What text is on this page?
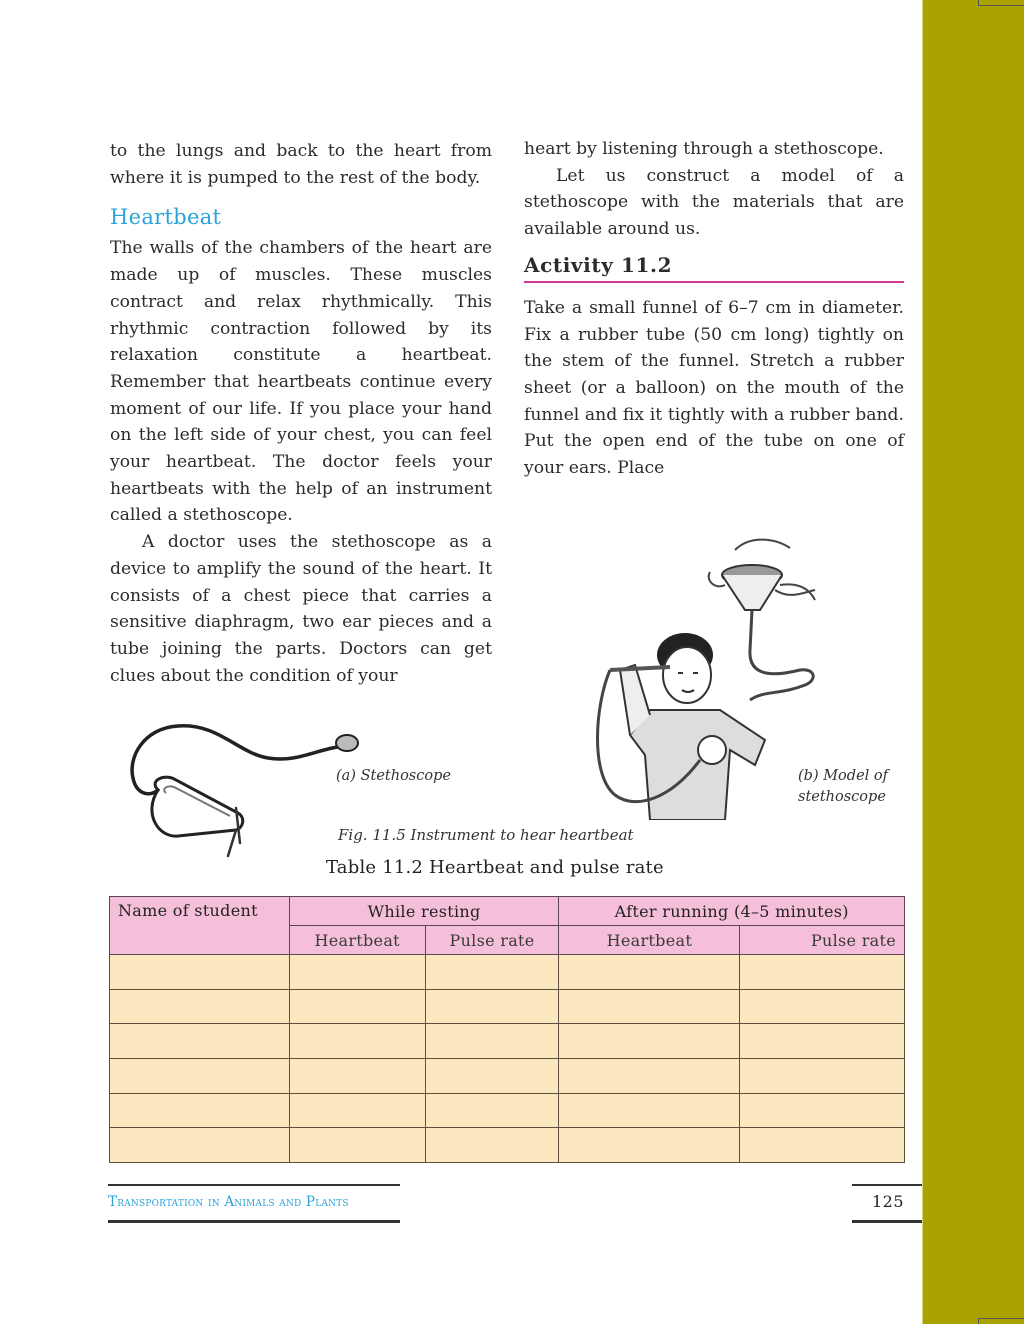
to the lungs and back to the heart from where it is pumped to the rest of the body.

Heartbeat

The walls of the chambers of the heart are made up of muscles. These muscles contract and relax rhythmically. This rhythmic contraction followed by its relaxation constitute a heartbeat. Remember that heartbeats continue every moment of our life. If you place your hand on the left side of your chest, you can feel your heartbeat. The doctor feels your heartbeats with the help of an instrument called a stethoscope.

A doctor uses the stethoscope as a device to amplify the sound of the heart. It consists of a chest piece that carries a sensitive diaphragm, two ear pieces and a tube joining the parts. Doctors can get clues about the condition of your

heart by listening through a stethoscope.

Let us construct a model of a stethoscope with the materials that are available around us.

Activity 11.2

Take a small funnel of 6–7 cm in diameter. Fix a rubber tube (50 cm long) tightly on the stem of the funnel. Stretch a rubber sheet (or a balloon) on the mouth of the funnel and fix it tightly with a rubber band. Put the open end of the tube on one of your ears. Place

(a) Stethoscope	(b) Model of stethoscope
Fig. 11.5 Instrument to hear heartbeat
Table 11.2 Heartbeat and pulse rate
Name of student	While resting		After running (4–5 minutes)	
	Heartbeat	Pulse rate	Heartbeat	Pulse rate

Transportation in Animals and Plants	125
